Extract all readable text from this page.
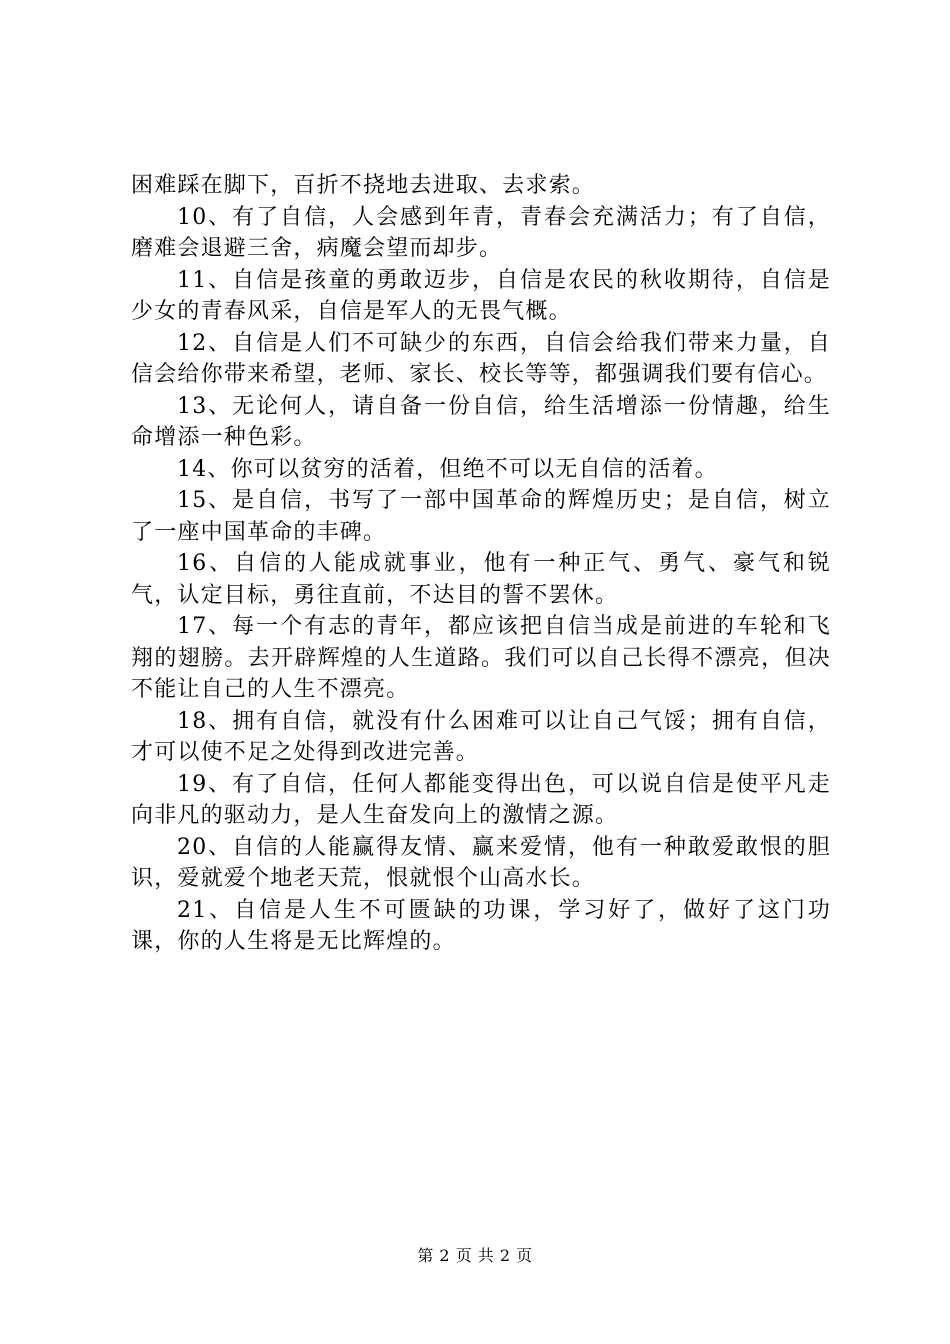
困难踩在脚下，百折不挠地去进取、去求索。

10、有了自信，人会感到年青，青春会充满活力；有了自信，磨难会退避三舍，病魔会望而却步。

11、自信是孩童的勇敢迈步，自信是农民的秋收期待，自信是少女的青春风采，自信是军人的无畏气概。

12、自信是人们不可缺少的东西，自信会给我们带来力量，自信会给你带来希望，老师、家长、校长等等，都强调我们要有信心。

13、无论何人，请自备一份自信，给生活增添一份情趣，给生命增添一种色彩。

14、你可以贫穷的活着，但绝不可以无自信的活着。

15、是自信，书写了一部中国革命的辉煌历史；是自信，树立了一座中国革命的丰碑。

16、自信的人能成就事业，他有一种正气、勇气、豪气和锐气，认定目标，勇往直前，不达目的誓不罢休。

17、每一个有志的青年，都应该把自信当成是前进的车轮和飞翔的翅膀。去开辟辉煌的人生道路。我们可以自己长得不漂亮，但决不能让自己的人生不漂亮。

18、拥有自信，就没有什么困难可以让自己气馁；拥有自信，才可以使不足之处得到改进完善。

19、有了自信，任何人都能变得出色，可以说自信是使平凡走向非凡的驱动力，是人生奋发向上的激情之源。

20、自信的人能赢得友情、赢来爱情，他有一种敢爱敢恨的胆识，爱就爱个地老天荒，恨就恨个山高水长。

21、自信是人生不可匮缺的功课，学习好了，做好了这门功课，你的人生将是无比辉煌的。

第 2 页 共 2 页
